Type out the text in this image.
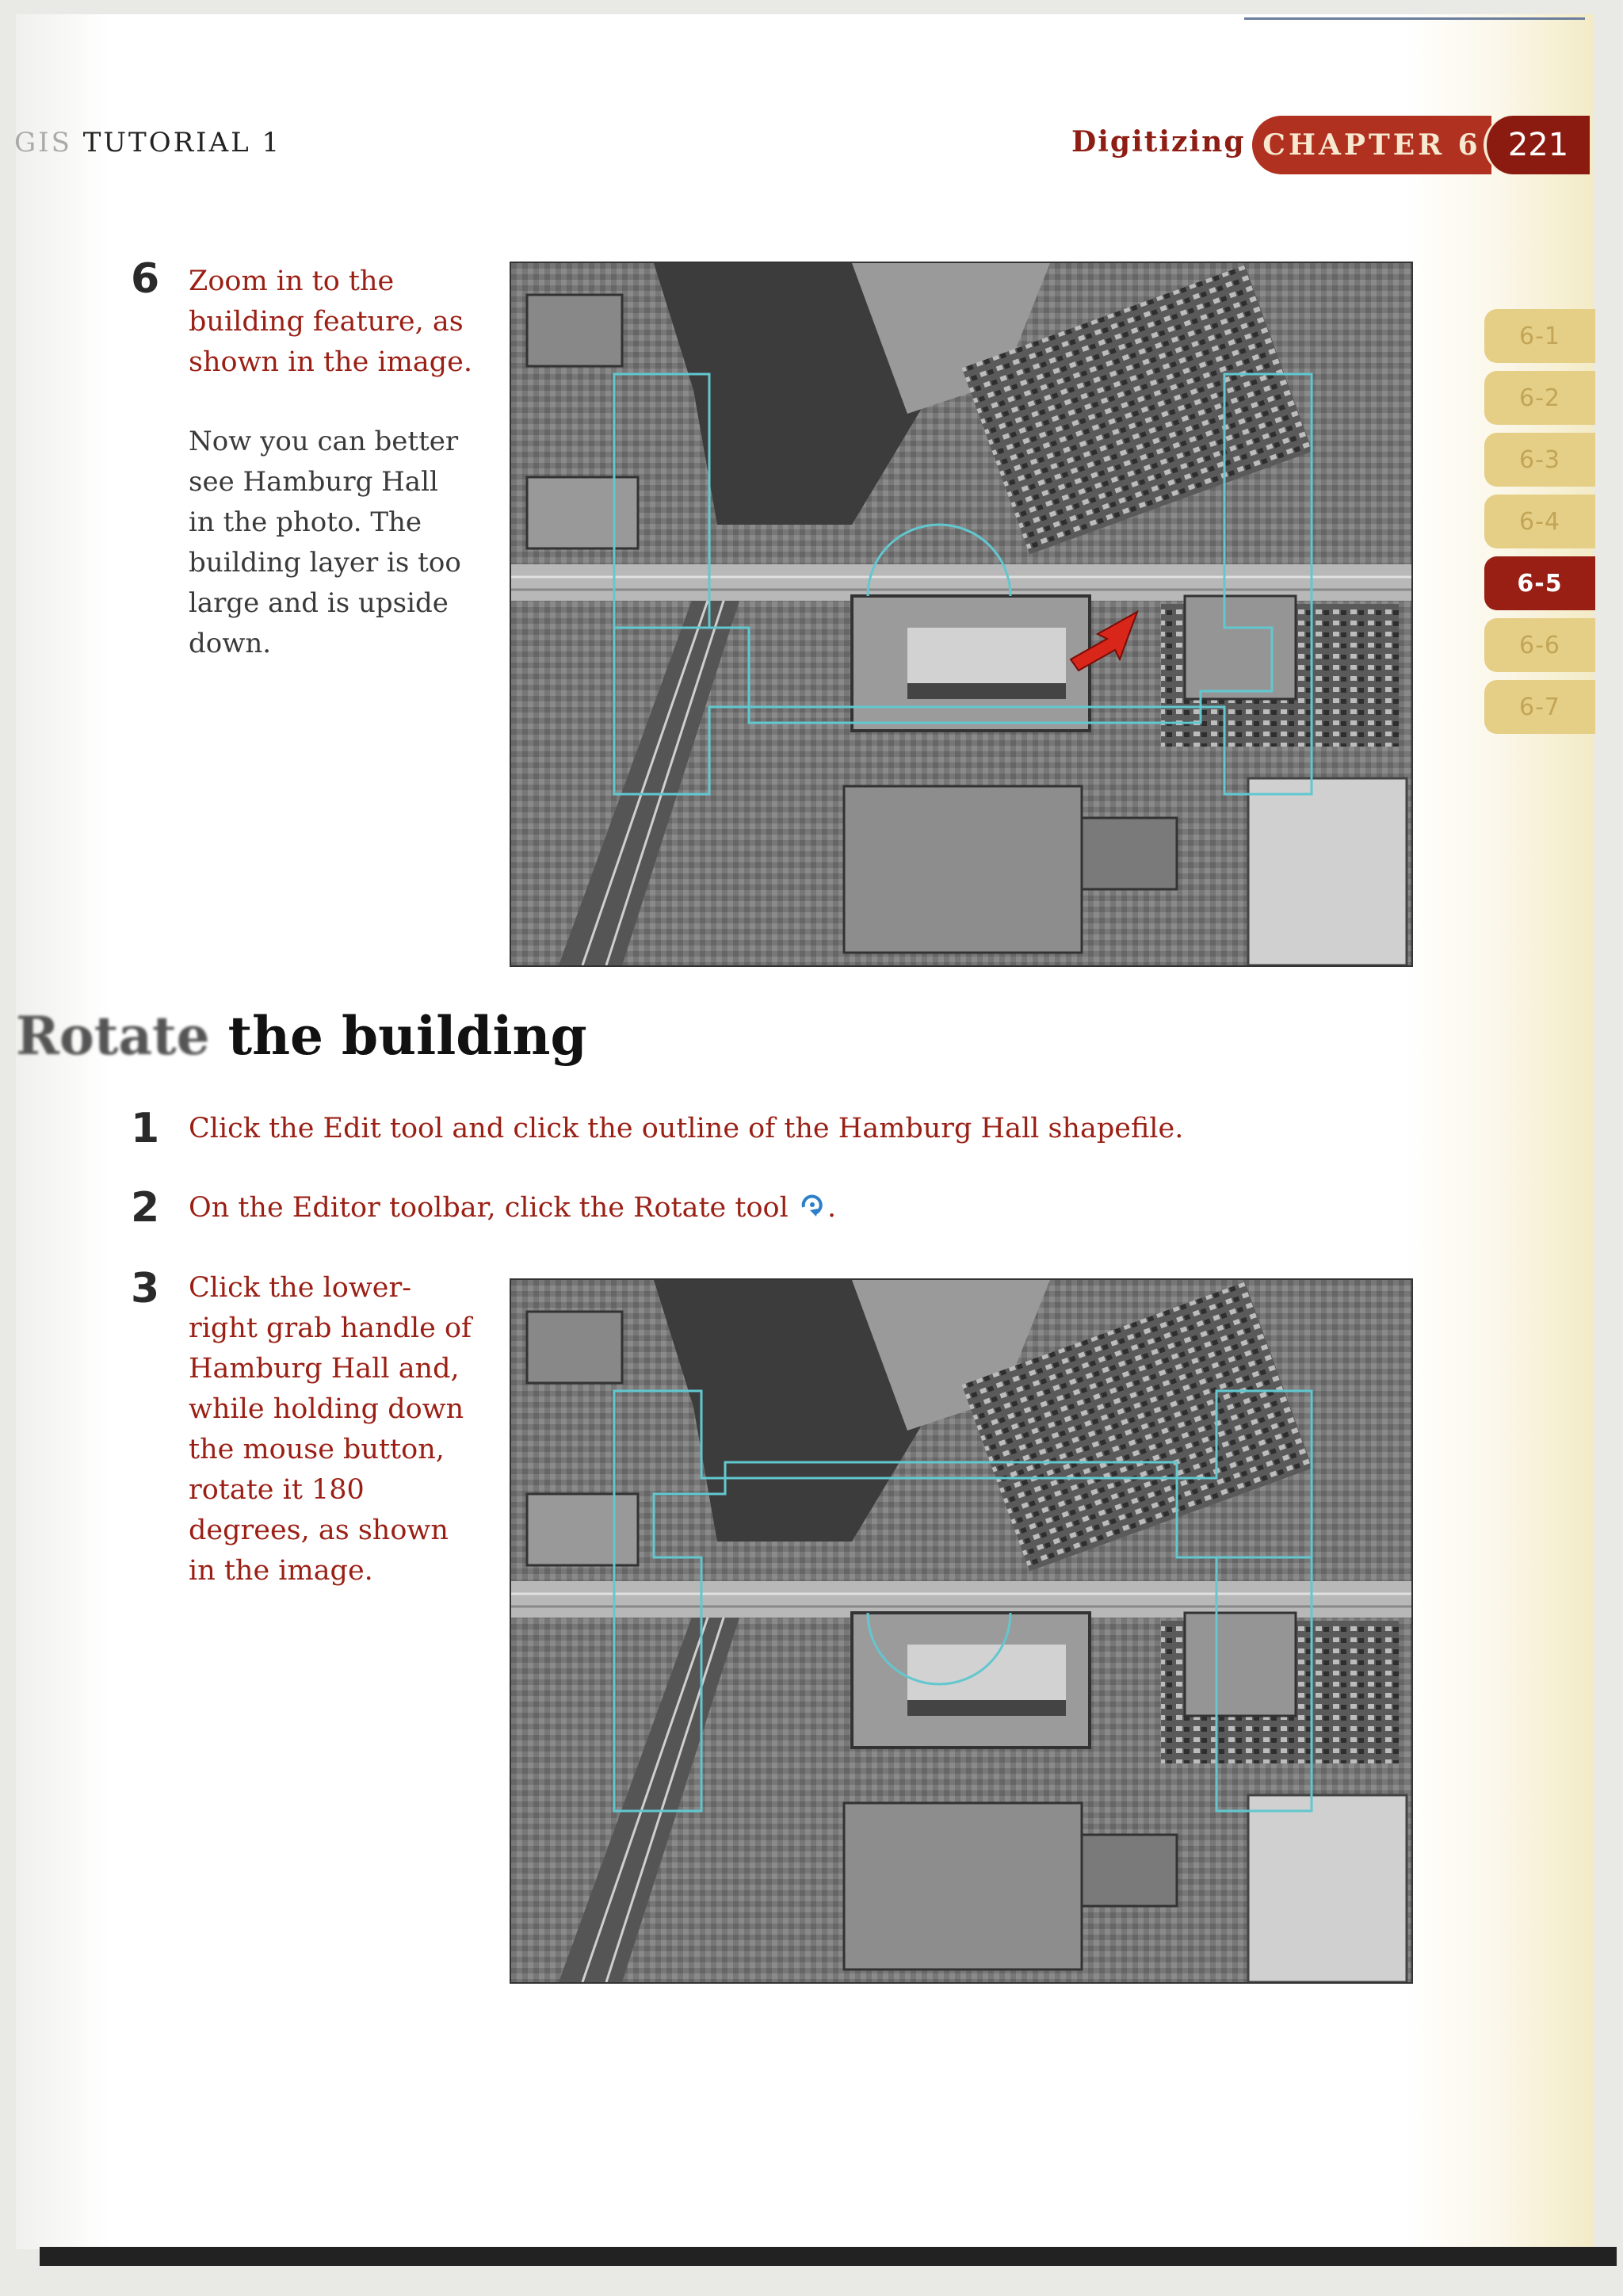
GIS TUTORIAL 1	Digitizing CHAPTER 6 221
6-1
6-2
6-3
6-4
6-5
6-6
6-7
6 Zoom in to the building feature, as shown in the image.
Now you can better see Hamburg Hall in the photo. The building layer is too large and is upside down.
Rotate the building
1 Click the Edit tool and click the outline of the Hamburg Hall shapefile.
2 On the Editor toolbar, click the Rotate tool .
3 Click the lower-right grab handle of Hamburg Hall and, while holding down the mouse button, rotate it 180 degrees, as shown in the image.
